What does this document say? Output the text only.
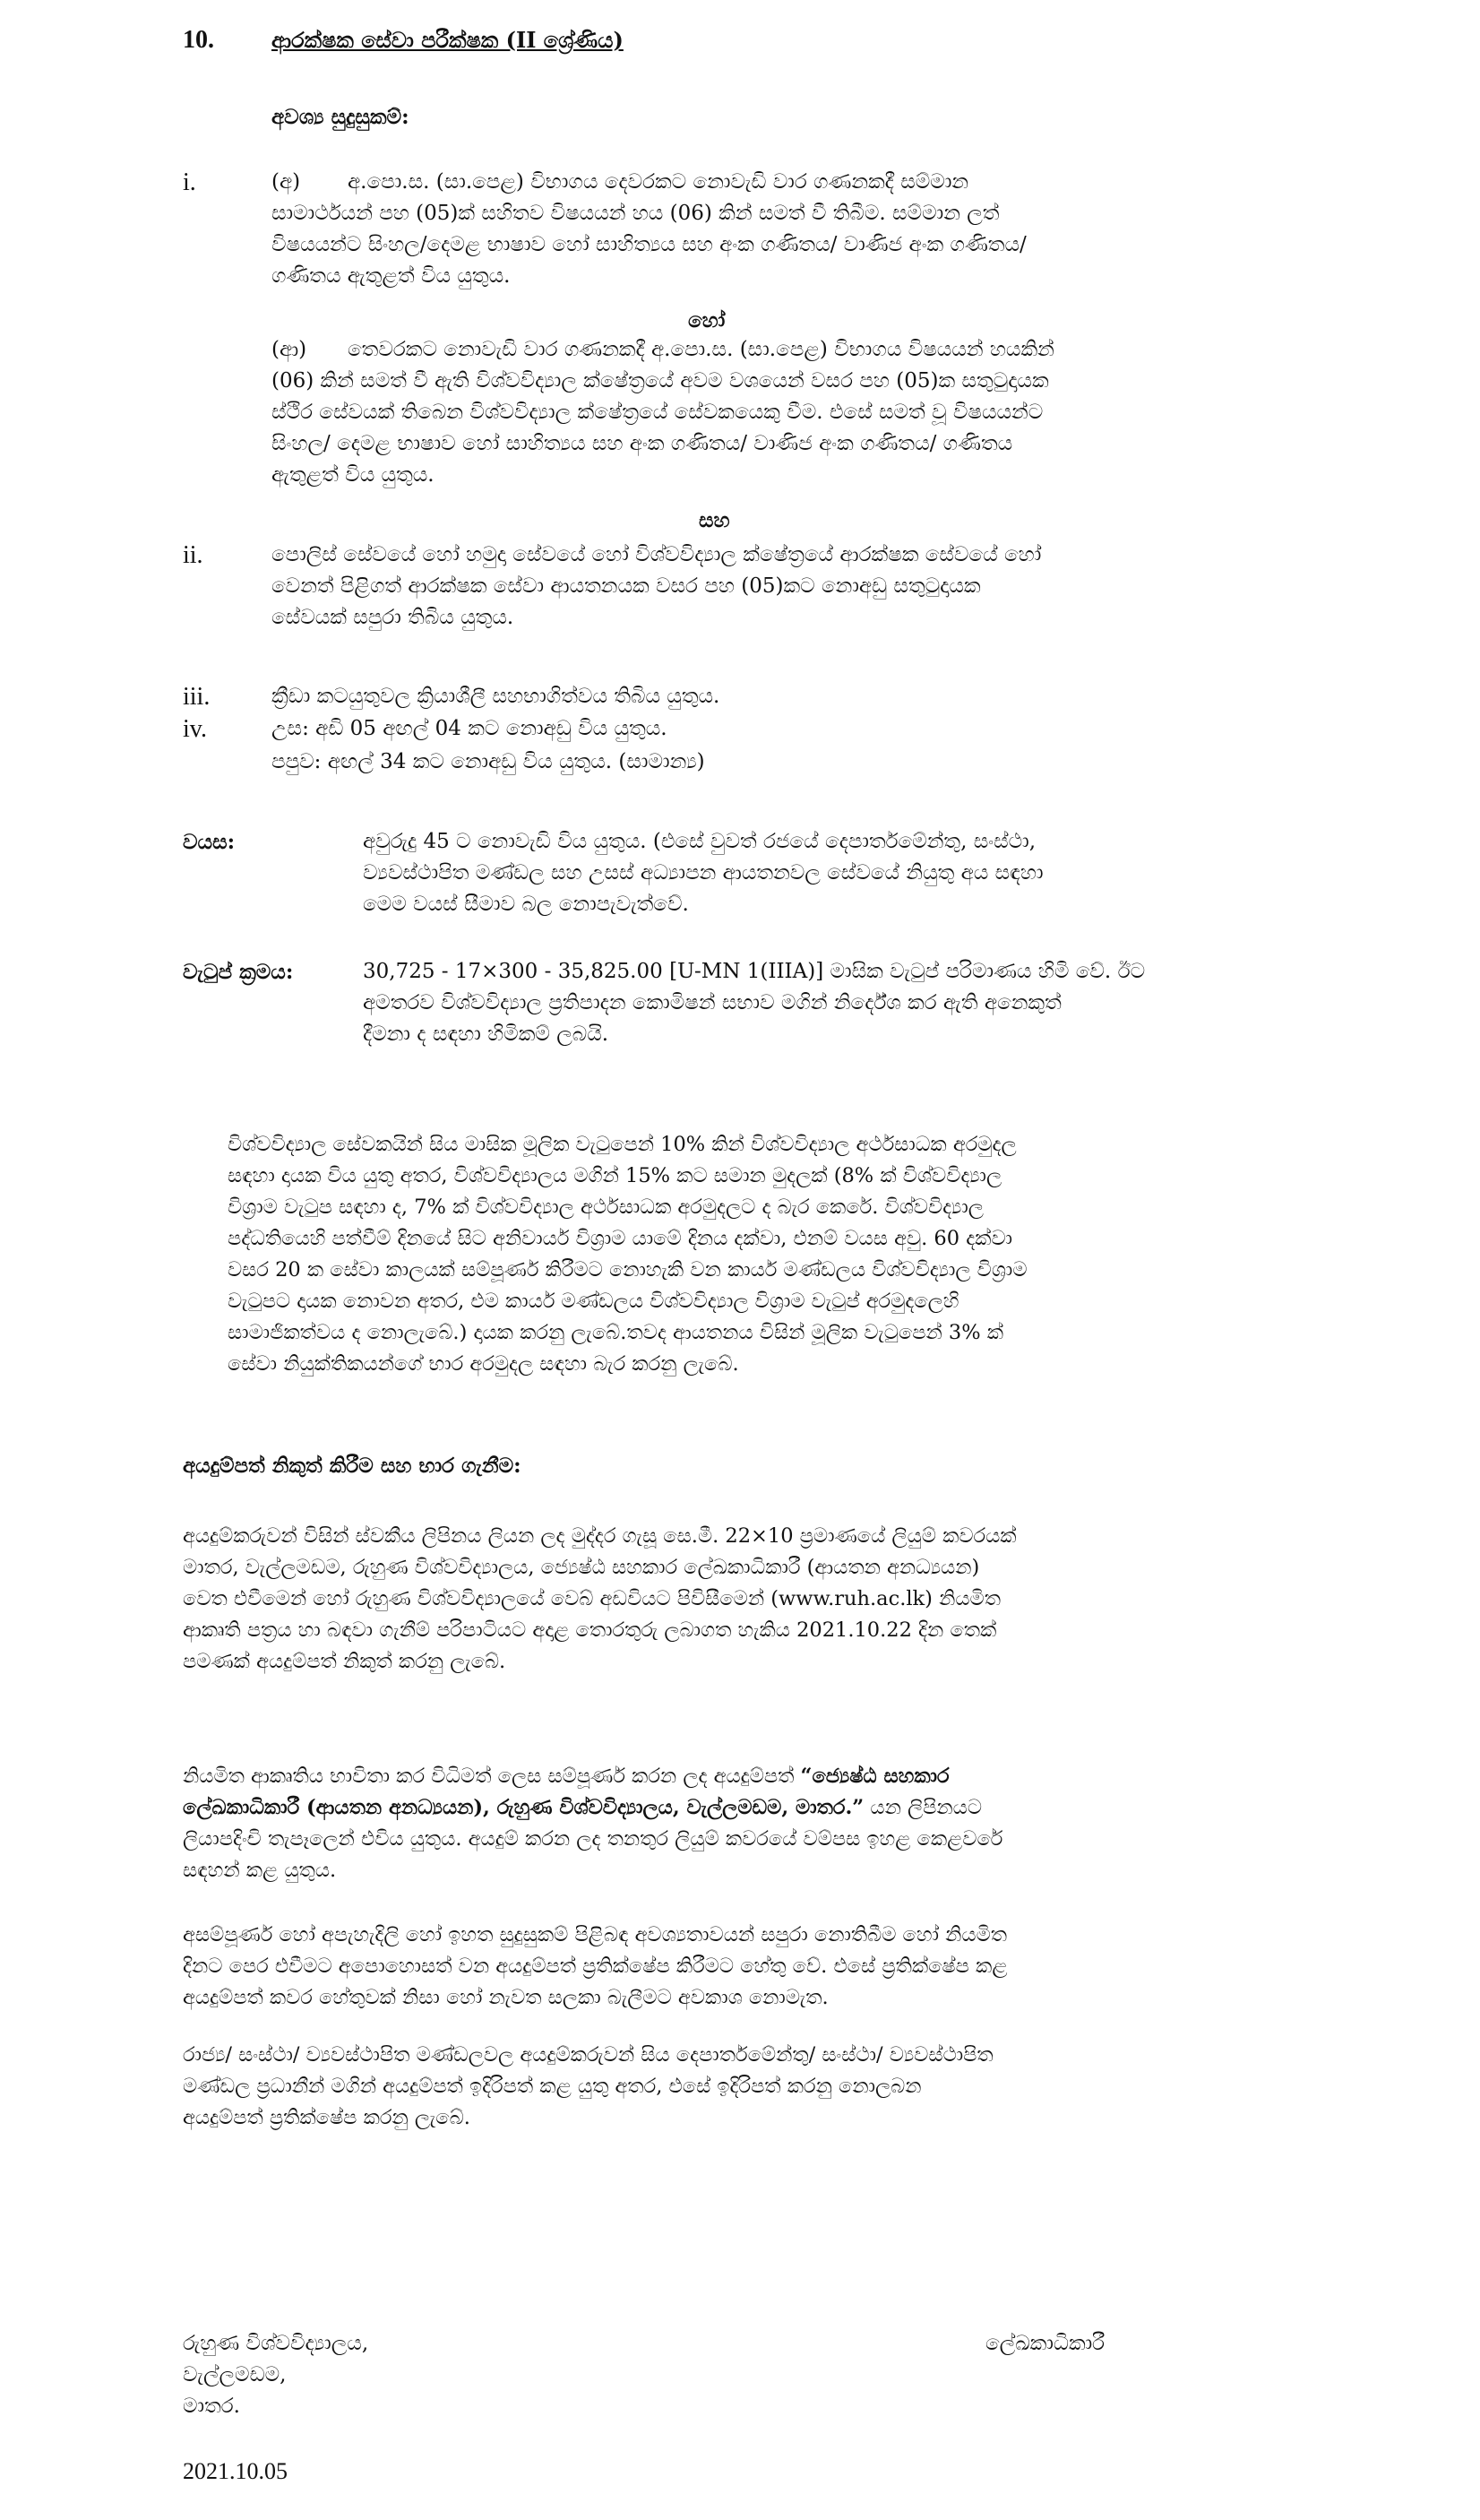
10.	ආරක්ෂක සේවා පරීක්ෂක (II ශ්‍රේණිය)
අවශ්‍ය සුදුසුකම්:
i.	(අ)	අ.පො.ස. (සා.පෙළ) විභාගය දෙවරකට නොවැඩි වාර ගණනකදී සම්මාන
සාමාර්ථයන් පහ (05)ක් සහිතව විෂයයන් හය (06) කින් සමත් වී තිබීම. සම්මාන ලත්
විෂයයන්ට සිංහල/දෙමළ භාෂාව හෝ සාහිත්‍යය සහ අංක ගණිතය/ වාණිජ අංක ගණිතය/
ගණිතය ඇතුළත් විය යුතුය.
හෝ
(ආ)	තෙවරකට නොවැඩි වාර ගණනකදී අ.පො.ස. (සා.පෙළ) විභාගය විෂයයන් හයකින්
(06) කින් සමත් වී ඇති විශ්වවිද්‍යාල ක්ෂේත්‍රයේ අවම වශයෙන් වසර පහ (05)ක සතුටුදායක
ස්ථිර සේවයක් තිබෙන විශ්වවිද්‍යාල ක්ෂේත්‍රයේ සේවකයෙකු වීම. එසේ සමත් වූ විෂයයන්ට
සිංහල/ දෙමළ භාෂාව හෝ සාහිත්‍යය සහ අංක ගණිතය/ වාණිජ අංක ගණිතය/ ගණිතය
ඇතුළත් විය යුතුය.
සහ
ii.	පොලිස් සේවයේ හෝ හමුදා සේවයේ හෝ විශ්වවිද්‍යාල ක්ෂේත්‍රයේ ආරක්ෂක සේවයේ හෝ
වෙනත් පිළිගත් ආරක්ෂක සේවා ආයතනයක වසර පහ (05)කට නොඅඩු සතුටුදායක
සේවයක් සපුරා තිබිය යුතුය.
iii.	ක්‍රීඩා කටයුතුවල ක්‍රියාශීලී සහභාගිත්වය තිබිය යුතුය.
iv.	උස: අඩි 05 අඟල් 04 කට නොඅඩු විය යුතුය.
පපුව: අඟල් 34 කට නොඅඩු විය යුතුය. (සාමාන්‍ය)
වයස:	අවුරුදු 45 ට නොවැඩි විය යුතුය. (එසේ වුවත් රජයේ දෙපාර්තමේන්තු, සංස්ථා,
ව්‍යවස්ථාපිත මණ්ඩල සහ උසස් අධ්‍යාපන ආයතනවල සේවයේ නියුතු අය සඳහා
මෙම වයස් සීමාව බල නොපැවැත්වේ.
වැටුප් ක්‍රමය:	30,725 - 17×300 - 35,825.00 [U-MN 1(IIIA)] මාසික වැටුප් පරිමාණය හිමි වේ. ඊට
අමතරව විශ්වවිද්‍යාල ප්‍රතිපාදන කොමිෂන් සභාව මගින් නිර්දේශ කර ඇති අනෙකුත්
දීමනා ද සඳහා හිමිකම් ලබයි.
විශ්වවිද්‍යාල සේවකයින් සිය මාසික මූලික වැටුපෙන් 10% කින් විශ්වවිද්‍යාල අර්ථසාධක අරමුදල
සඳහා දායක විය යුතු අතර, විශ්වවිද්‍යාලය මගින් 15% කට සමාන මුදලක් (8% ක් විශ්වවිද්‍යාල
විශ්‍රාම වැටුප සඳහා ද, 7% ක් විශ්වවිද්‍යාල අර්ථසාධක අරමුදලට ද බැර කෙරේ. විශ්වවිද්‍යාල
පද්ධතියෙහි පත්වීම් දිනයේ සිට අනිවාර්ය විශ්‍රාම යාමේ දිනය දක්වා, එනම් වයස අවු. 60 දක්වා
වසර 20 ක සේවා කාලයක් සම්පූර්ණ කිරීමට නොහැකි වන කාර්ය මණ්ඩලය විශ්වවිද්‍යාල විශ්‍රාම
වැටුපට දායක නොවන අතර, එම කාර්ය මණ්ඩලය විශ්වවිද්‍යාල විශ්‍රාම වැටුප් අරමුදලෙහි
සාමාජිකත්වය ද නොලැබේ.) දායක කරනු ලැබේ.තවද ආයතනය විසින් මූලික වැටුපෙන් 3% ක්
සේවා නියුක්තිකයන්ගේ භාර අරමුදල සඳහා බැර කරනු ලැබේ.
අයදුම්පත් නිකුත් කිරීම සහ භාර ගැනීම:
අයදුම්කරුවන් විසින් ස්වකීය ලිපිනය ලියන ලද මුද්දර ගැසූ සෙ.මී. 22×10 ප්‍රමාණයේ ලියුම් කවරයක්
මාතර, වැල්ලමඩම, රුහුණ විශ්වවිද්‍යාලය, ජ්‍යෙෂ්ඨ සහකාර ලේඛකාධිකාරී (ආයතන අනධ්‍යයන)
වෙත එවීමෙන් හෝ රුහුණ විශ්වවිද්‍යාලයේ වෙබ් අඩවියට පිවිසීමෙන් (www.ruh.ac.lk) නියමිත
ආකෘති පත්‍රය හා බඳවා ගැනීම් පරිපාටියට අදාළ තොරතුරු ලබාගත හැකිය 2021.10.22 දින තෙක්
පමණක් අයදුම්පත් නිකුත් කරනු ලැබේ.
නියමිත ආකෘතිය භාවිතා කර විධිමත් ලෙස සම්පූර්ණ කරන ලද අයදුම්පත් “ජ්‍යෙෂ්ඨ සහකාර
ලේඛකාධිකාරී (ආයතන අනධ්‍යයන), රුහුණ විශ්වවිද්‍යාලය, වැල්ලමඩම, මාතර.” යන ලිපිනයට
ලියාපදිංචි තැපෑලෙන් එවිය යුතුය. අයදුම් කරන ලද තනතුර ලියුම් කවරයේ වම්පස ඉහළ කෙළවරේ
සඳහන් කළ යුතුය.
අසම්පූර්ණ හෝ අපැහැදිලි හෝ ඉහත සුදුසුකම් පිළිබඳ අවශ්‍යතාවයන් සපුරා නොතිබීම හෝ නියමිත
දිනට පෙර එවීමට අපොහොසත් වන අයදුම්පත් ප්‍රතික්ෂේප කිරීමට හේතු වේ. එසේ ප්‍රතික්ෂේප කළ
අයදුම්පත් කවර හේතුවක් නිසා හෝ නැවත සලකා බැලීමට අවකාශ නොමැත.
රාජ්‍ය/ සංස්ථා/ ව්‍යවස්ථාපිත මණ්ඩලවල අයදුම්කරුවන් සිය දෙපාර්තමේන්තු/ සංස්ථා/ ව්‍යවස්ථාපිත
මණ්ඩල ප්‍රධානීන් මගින් අයදුම්පත් ඉදිරිපත් කළ යුතු අතර, එසේ ඉදිරිපත් කරනු නොලබන
අයදුම්පත් ප්‍රතික්ෂේප කරනු ලැබේ.
රුහුණ විශ්වවිද්‍යාලය,
වැල්ලමඩම,
මාතර.
ලේඛකාධිකාරී
2021.10.05
